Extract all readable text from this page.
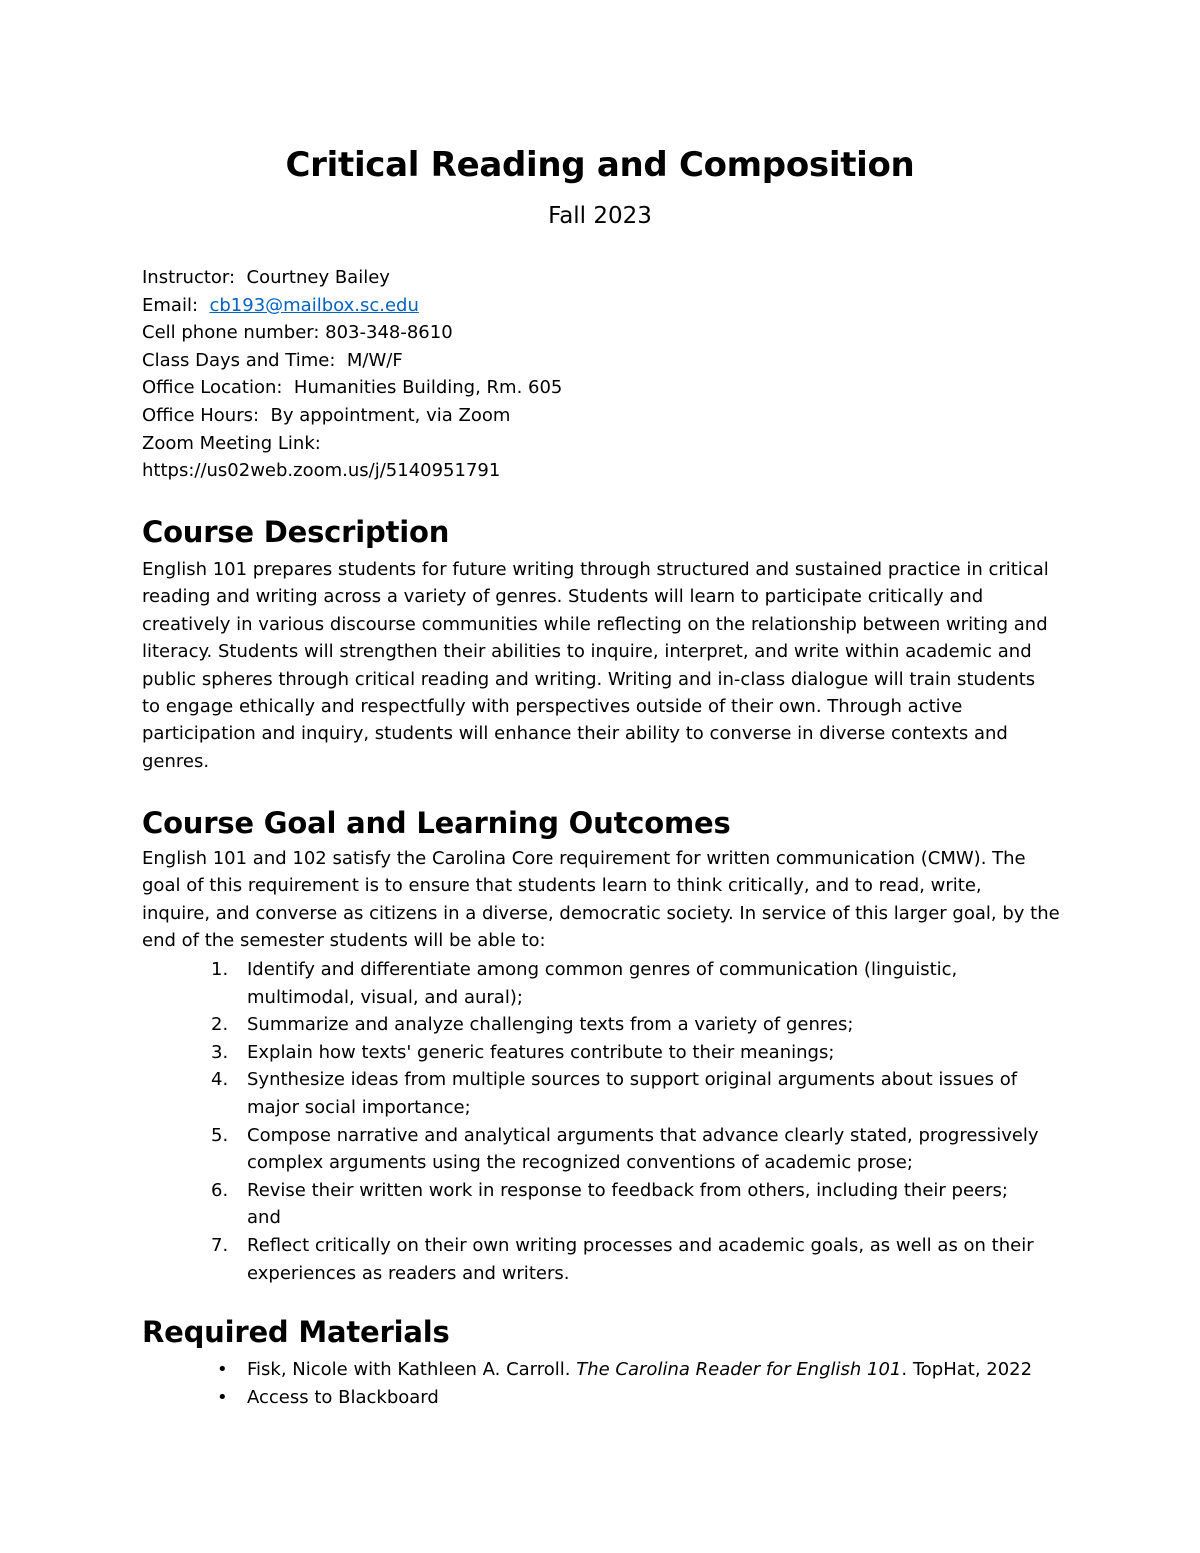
Critical Reading and Composition
Fall 2023
Instructor: Courtney Bailey
Email: cb193@mailbox.sc.edu
Cell phone number: 803-348-8610
Class Days and Time: M/W/F
Office Location: Humanities Building, Rm. 605
Office Hours: By appointment, via Zoom
Zoom Meeting Link:
https://us02web.zoom.us/j/5140951791
Course Description
English 101 prepares students for future writing through structured and sustained practice in critical
reading and writing across a variety of genres. Students will learn to participate critically and
creatively in various discourse communities while reflecting on the relationship between writing and
literacy. Students will strengthen their abilities to inquire, interpret, and write within academic and
public spheres through critical reading and writing. Writing and in-class dialogue will train students
to engage ethically and respectfully with perspectives outside of their own. Through active
participation and inquiry, students will enhance their ability to converse in diverse contexts and
genres.
Course Goal and Learning Outcomes
English 101 and 102 satisfy the Carolina Core requirement for written communication (CMW). The
goal of this requirement is to ensure that students learn to think critically, and to read, write,
inquire, and converse as citizens in a diverse, democratic society. In service of this larger goal, by the
end of the semester students will be able to:
1. Identify and differentiate among common genres of communication (linguistic,
multimodal, visual, and aural);
2. Summarize and analyze challenging texts from a variety of genres;
3. Explain how texts' generic features contribute to their meanings;
4. Synthesize ideas from multiple sources to support original arguments about issues of
major social importance;
5. Compose narrative and analytical arguments that advance clearly stated, progressively
complex arguments using the recognized conventions of academic prose;
6. Revise their written work in response to feedback from others, including their peers;
and
7. Reflect critically on their own writing processes and academic goals, as well as on their
experiences as readers and writers.
Required Materials
• Fisk, Nicole with Kathleen A. Carroll. The Carolina Reader for English 101. TopHat, 2022
• Access to Blackboard
